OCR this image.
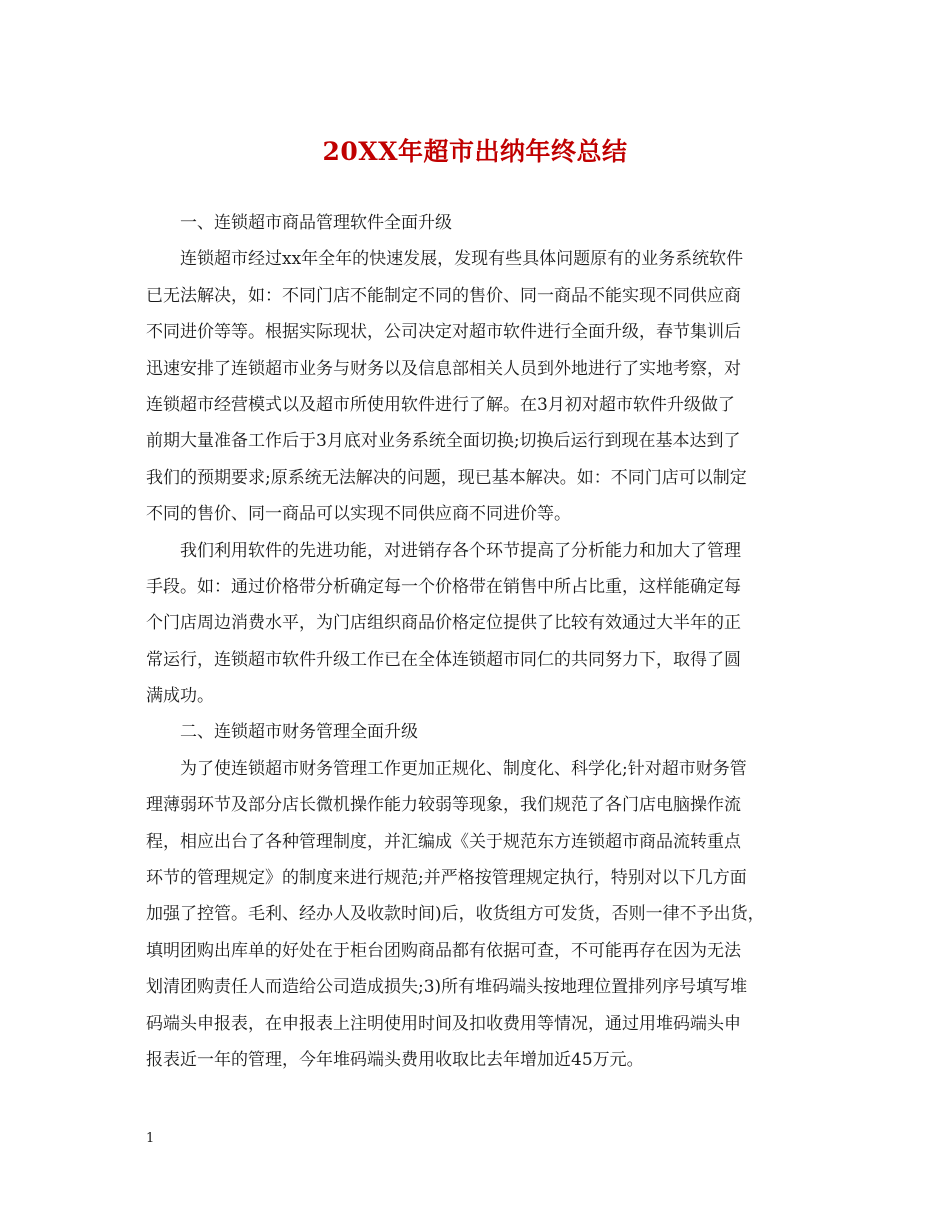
20XX年超市出纳年终总结
一、连锁超市商品管理软件全面升级
连锁超市经过xx年全年的快速发展，发现有些具体问题原有的业务系统软件
已无法解决，如：不同门店不能制定不同的售价、同一商品不能实现不同供应商
不同进价等等。根据实际现状，公司决定对超市软件进行全面升级，春节集训后
迅速安排了连锁超市业务与财务以及信息部相关人员到外地进行了实地考察，对
连锁超市经营模式以及超市所使用软件进行了解。在3月初对超市软件升级做了
前期大量准备工作后于3月底对业务系统全面切换;切换后运行到现在基本达到了
我们的预期要求;原系统无法解决的问题，现已基本解决。如：不同门店可以制定
不同的售价、同一商品可以实现不同供应商不同进价等。
我们利用软件的先进功能，对进销存各个环节提高了分析能力和加大了管理
手段。如：通过价格带分析确定每一个价格带在销售中所占比重，这样能确定每
个门店周边消费水平，为门店组织商品价格定位提供了比较有效通过大半年的正
常运行，连锁超市软件升级工作已在全体连锁超市同仁的共同努力下，取得了圆
满成功。
二、连锁超市财务管理全面升级
为了使连锁超市财务管理工作更加正规化、制度化、科学化;针对超市财务管
理薄弱环节及部分店长微机操作能力较弱等现象，我们规范了各门店电脑操作流
程，相应出台了各种管理制度，并汇编成《关于规范东方连锁超市商品流转重点
环节的管理规定》的制度来进行规范;并严格按管理规定执行，特别对以下几方面
加强了控管。毛利、经办人及收款时间)后，收货组方可发货，否则一律不予出货，
填明团购出库单的好处在于柜台团购商品都有依据可查，不可能再存在因为无法
划清团购责任人而造给公司造成损失;3)所有堆码端头按地理位置排列序号填写堆
码端头申报表，在申报表上注明使用时间及扣收费用等情况，通过用堆码端头申
报表近一年的管理，今年堆码端头费用收取比去年增加近45万元。
1
